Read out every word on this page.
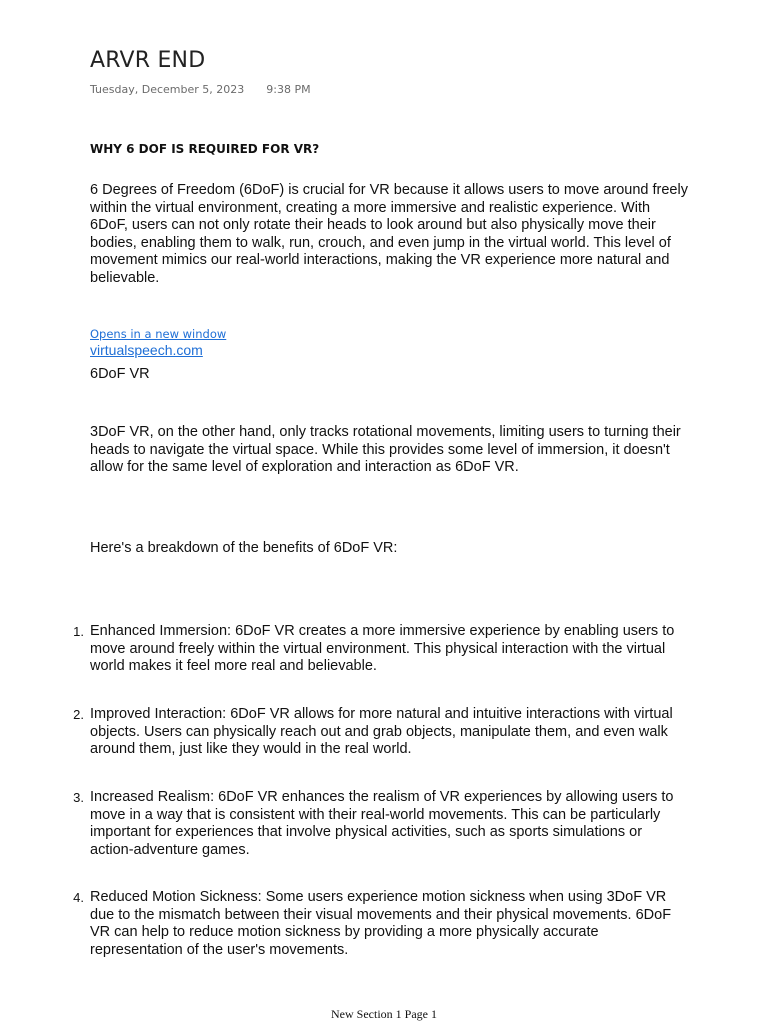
ARVR END
Tuesday, December 5, 2023 9:38 PM
WHY 6 DOF IS REQUIRED FOR VR?
6 Degrees of Freedom (6DoF) is crucial for VR because it allows users to move around freely within the virtual environment, creating a more immersive and realistic experience. With 6DoF, users can not only rotate their heads to look around but also physically move their bodies, enabling them to walk, run, crouch, and even jump in the virtual world. This level of movement mimics our real-world interactions, making the VR experience more natural and believable.
Opens in a new window
virtualspeech.com
6DoF VR
3DoF VR, on the other hand, only tracks rotational movements, limiting users to turning their heads to navigate the virtual space. While this provides some level of immersion, it doesn't allow for the same level of exploration and interaction as 6DoF VR.
Here's a breakdown of the benefits of 6DoF VR:
1. Enhanced Immersion: 6DoF VR creates a more immersive experience by enabling users to move around freely within the virtual environment. This physical interaction with the virtual world makes it feel more real and believable.
2. Improved Interaction: 6DoF VR allows for more natural and intuitive interactions with virtual objects. Users can physically reach out and grab objects, manipulate them, and even walk around them, just like they would in the real world.
3. Increased Realism: 6DoF VR enhances the realism of VR experiences by allowing users to move in a way that is consistent with their real-world movements. This can be particularly important for experiences that involve physical activities, such as sports simulations or action-adventure games.
4. Reduced Motion Sickness: Some users experience motion sickness when using 3DoF VR due to the mismatch between their visual movements and their physical movements. 6DoF VR can help to reduce motion sickness by providing a more physically accurate representation of the user's movements.
New Section 1 Page 1
